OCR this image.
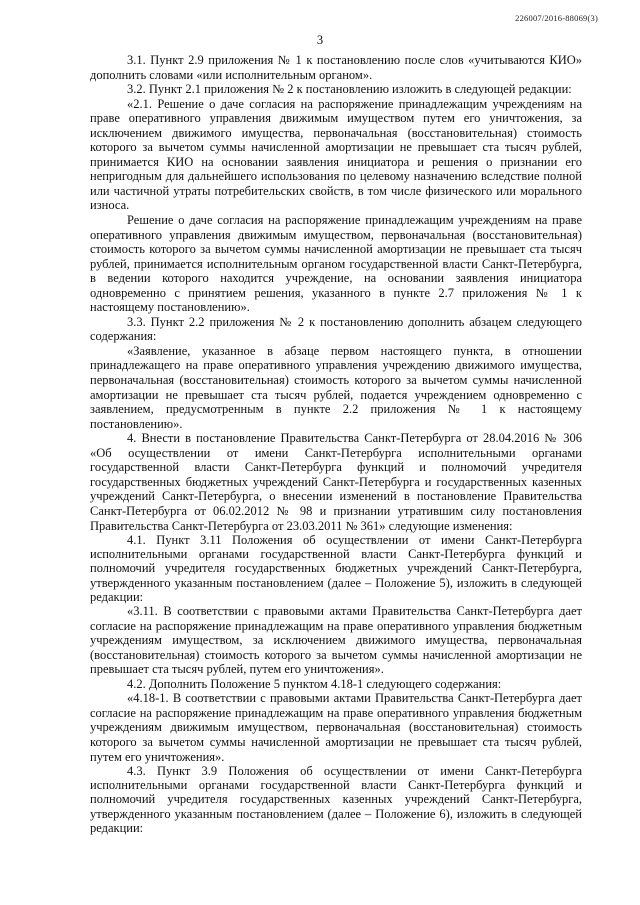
226007/2016-88069(3)
3

3.1. Пункт 2.9 приложения № 1 к постановлению после слов «учитываются КИО» дополнить словами «или исполнительным органом».

3.2. Пункт 2.1 приложения № 2 к постановлению изложить в следующей редакции:

«2.1. Решение о даче согласия на распоряжение принадлежащим учреждениям на праве оперативного управления движимым имуществом путем его уничтожения, за исключением движимого имущества, первоначальная (восстановительная) стоимость которого за вычетом суммы начисленной амортизации не превышает ста тысяч рублей, принимается КИО на основании заявления инициатора и решения о признании его непригодным для дальнейшего использования по целевому назначению вследствие полной или частичной утраты потребительских свойств, в том числе физического или морального износа.

Решение о даче согласия на распоряжение принадлежащим учреждениям на праве оперативного управления движимым имуществом, первоначальная (восстановительная) стоимость которого за вычетом суммы начисленной амортизации не превышает ста тысяч рублей, принимается исполнительным органом государственной власти Санкт-Петербурга, в ведении которого находится учреждение, на основании заявления инициатора одновременно с принятием решения, указанного в пункте 2.7 приложения № 1 к настоящему постановлению».

3.3. Пункт 2.2 приложения № 2 к постановлению дополнить абзацем следующего содержания:

«Заявление, указанное в абзаце первом настоящего пункта, в отношении принадлежащего на праве оперативного управления учреждению движимого имущества, первоначальная (восстановительная) стоимость которого за вычетом суммы начисленной амортизации не превышает ста тысяч рублей, подается учреждением одновременно с заявлением, предусмотренным в пункте 2.2 приложения № 1 к настоящему постановлению».

4. Внести в постановление Правительства Санкт-Петербурга от 28.04.2016 № 306 «Об осуществлении от имени Санкт-Петербурга исполнительными органами государственной власти Санкт-Петербурга функций и полномочий учредителя государственных бюджетных учреждений Санкт-Петербурга и государственных казенных учреждений Санкт-Петербурга, о внесении изменений в постановление Правительства Санкт-Петербурга от 06.02.2012 № 98 и признании утратившим силу постановления Правительства Санкт-Петербурга от 23.03.2011 № 361» следующие изменения:

4.1. Пункт 3.11 Положения об осуществлении от имени Санкт-Петербурга исполнительными органами государственной власти Санкт-Петербурга функций и полномочий учредителя государственных бюджетных учреждений Санкт-Петербурга, утвержденного указанным постановлением (далее – Положение 5), изложить в следующей редакции:

«3.11. В соответствии с правовыми актами Правительства Санкт-Петербурга дает согласие на распоряжение принадлежащим на праве оперативного управления бюджетным учреждениям имуществом, за исключением движимого имущества, первоначальная (восстановительная) стоимость которого за вычетом суммы начисленной амортизации не превышает ста тысяч рублей, путем его уничтожения».

4.2. Дополнить Положение 5 пунктом 4.18-1 следующего содержания:

«4.18-1. В соответствии с правовыми актами Правительства Санкт-Петербурга дает согласие на распоряжение принадлежащим на праве оперативного управления бюджетным учреждениям движимым имуществом, первоначальная (восстановительная) стоимость которого за вычетом суммы начисленной амортизации не превышает ста тысяч рублей, путем его уничтожения».

4.3. Пункт 3.9 Положения об осуществлении от имени Санкт-Петербурга исполнительными органами государственной власти Санкт-Петербурга функций и полномочий учредителя государственных казенных учреждений Санкт-Петербурга, утвержденного указанным постановлением (далее – Положение 6), изложить в следующей редакции:
